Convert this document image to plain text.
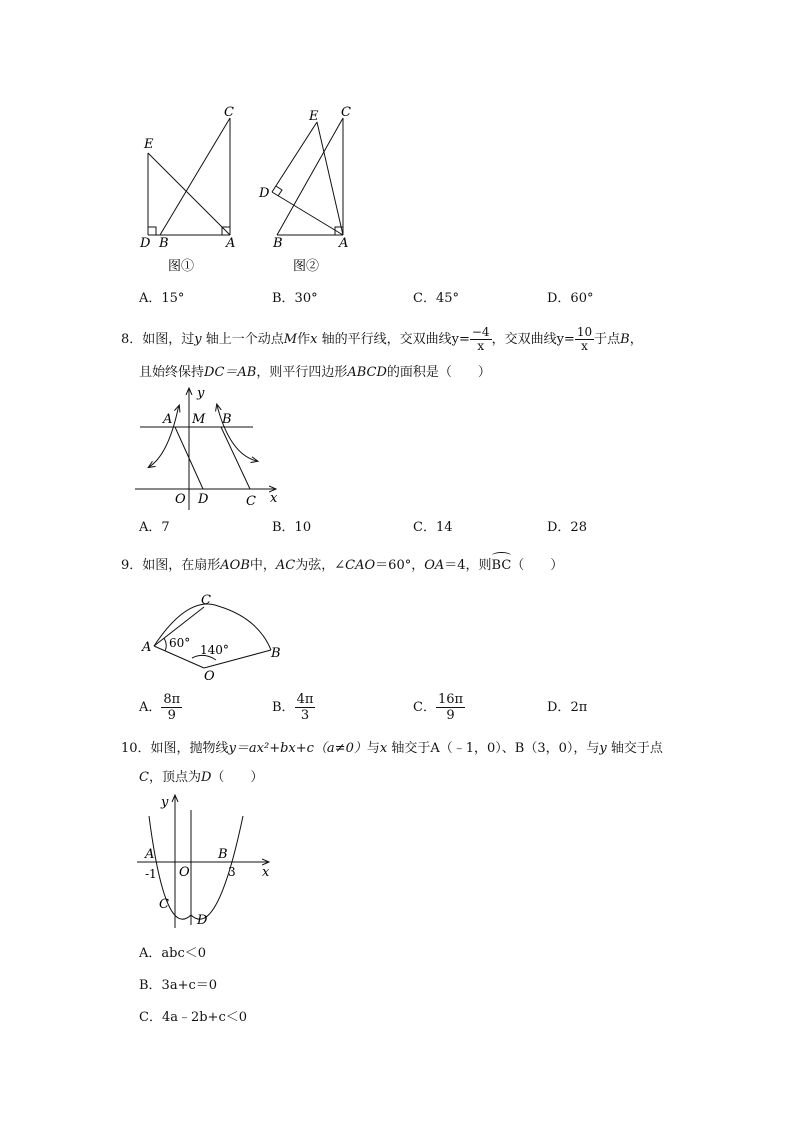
E
C
D B	A
图①
E C
D
B	A
图②
A．15°	B．30°	C．45°	D．60°
8．如图，过y 轴上一个动点M作x 轴的平行线，交双曲线$y= \frac{-4}{x}$ ，交双曲线$y= \frac{10}{x}$ 于点B，
且始终保持DC＝AB，则平行四边形ABCD的面积是（　　）
y
A M B
O D	C x
A．7	B．10	C．14	D．28
9．如图，在扇形AOB中，AC为弦，∠CAO＝60°，OA＝4，则BC（　　）
C
A 60° 140°	B
O
A． $\frac{8\pi}{9}$	B． $\frac{4\pi}{3}$	C． $\frac{16\pi}{9}$	D．2π
10．如图，抛物线y＝ax²+bx+c（a≠0）与x 轴交于A（﹣1，0）、B（3，0），与y 轴交于点
C，顶点为D（　　）
y
A
-1 O
B
3 x
C
D
A．abc＜0
B．3a+c＝0
C．4a﹣2b+c＜0
